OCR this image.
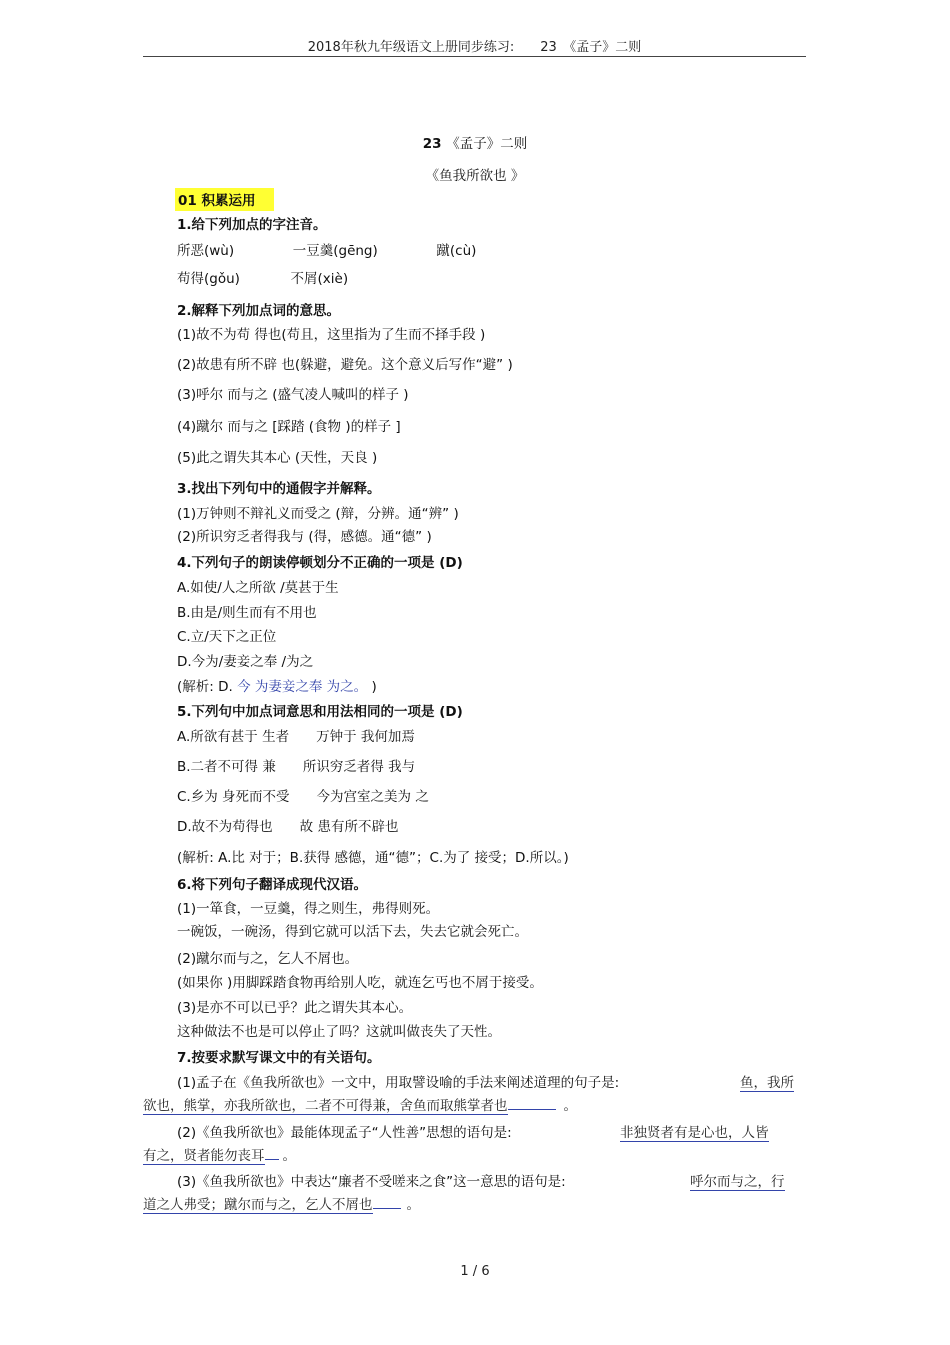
2018年秋九年级语文上册同步练习:　　23　《孟子》二则
23 《孟子》二则
《鱼我所欲也 》
01 积累运用
1.给下列加点的字注音。
所恶(wù)	一豆羹(gēng)	蹴(cù)
苟得(gǒu)	不屑(xiè)
2.解释下列加点词的意思。
(1)故不为苟 得也(苟且，这里指为了生而不择手段 )
(2)故患有所不辟 也(躲避，避免。这个意义后写作“避” )
(3)呼尔 而与之 (盛气凌人喊叫的样子 )
(4)蹴尔 而与之 [踩踏 (食物 )的样子 ]
(5)此之谓失其本心 (天性，天良 )
3.找出下列句中的通假字并解释。
(1)万钟则不辩礼义而受之 (辩，分辨。通“辨” )
(2)所识穷乏者得我与 (得，感德。通“德” )
4.下列句子的朗读停顿划分不正确的一项是 (D)
A.如使/人之所欲 /莫甚于生
B.由是/则生而有不用也
C.立/天下之正位
D.今为/妻妾之奉 /为之
(解析: D. 今 为妻妾之奉 为之。 )
5.下列句中加点词意思和用法相同的一项是 (D)
A.所欲有甚于 生者　　万钟于 我何加焉
B.二者不可得 兼　　所识穷乏者得 我与
C.乡为 身死而不受　　今为宫室之美为 之
D.故不为苟得也　　故 患有所不辟也
(解析: A.比 对于；B.获得 感德，通“德”；C.为了 接受；D.所以。)
6.将下列句子翻译成现代汉语。
(1)一箪食，一豆羹，得之则生，弗得则死。
一碗饭，一碗汤，得到它就可以活下去，失去它就会死亡。
(2)蹴尔而与之，乞人不屑也。
(如果你 )用脚踩踏食物再给别人吃，就连乞丐也不屑于接受。
(3)是亦不可以已乎？此之谓失其本心。
这种做法不也是可以停止了吗？这就叫做丧失了天性。
7.按要求默写课文中的有关语句。
(1)孟子在《鱼我所欲也》一文中，用取譬设喻的手法来阐述道理的句子是:	鱼，我所
欲也，熊掌，亦我所欲也，二者不可得兼，舍鱼而取熊掌者也	。
(2)《鱼我所欲也》最能体现孟子“人性善”思想的语句是:	非独贤者有是心也，人皆
有之，贤者能勿丧耳 。
(3)《鱼我所欲也》中表达“廉者不受嗟来之食”这一意思的语句是:	呼尔而与之，行
道之人弗受；蹴尔而与之，乞人不屑也	。
1 / 6
